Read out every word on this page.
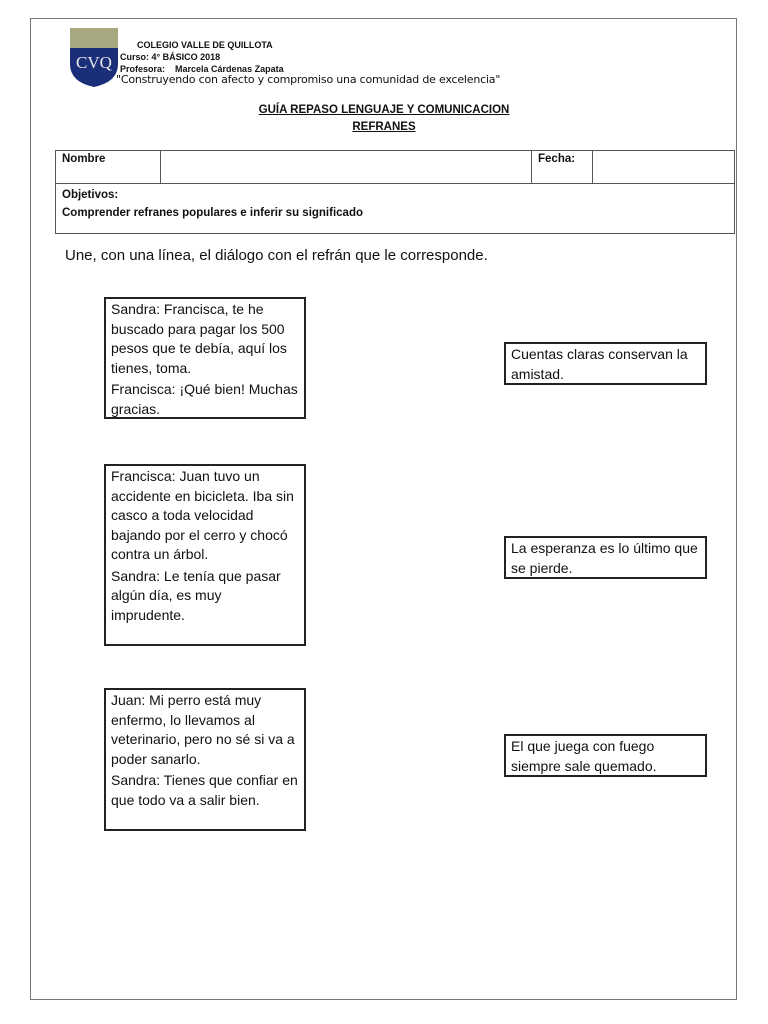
CVQ
COLEGIO VALLE DE QUILLOTA
Curso: 4° BÁSICO 2018
Profesora: Marcela Cárdenas Zapata
"Construyendo con afecto y compromiso una comunidad de excelencia"
GUÍA REPASO LENGUAJE Y COMUNICACION
REFRANES
Nombre		Fecha:	

Objetivos:
Comprender refranes populares e inferir su significado
Une, con una línea, el diálogo con el refrán que le corresponde.

Sandra: Francisca, te he buscado para pagar los 500 pesos que te debía, aquí los tienes, toma.

Francisca: ¡Qué bien! Muchas gracias.

Francisca: Juan tuvo un accidente en bicicleta. Iba sin casco a toda velocidad bajando por el cerro y chocó contra un árbol.

Sandra: Le tenía que pasar algún día, es muy imprudente.

Juan: Mi perro está muy enfermo, lo llevamos al veterinario, pero no sé si va a poder sanarlo.

Sandra: Tienes que confiar en que todo va a salir bien.

Cuentas claras conservan la amistad.
La esperanza es lo último que se pierde.
El que juega con fuego siempre sale quemado.
